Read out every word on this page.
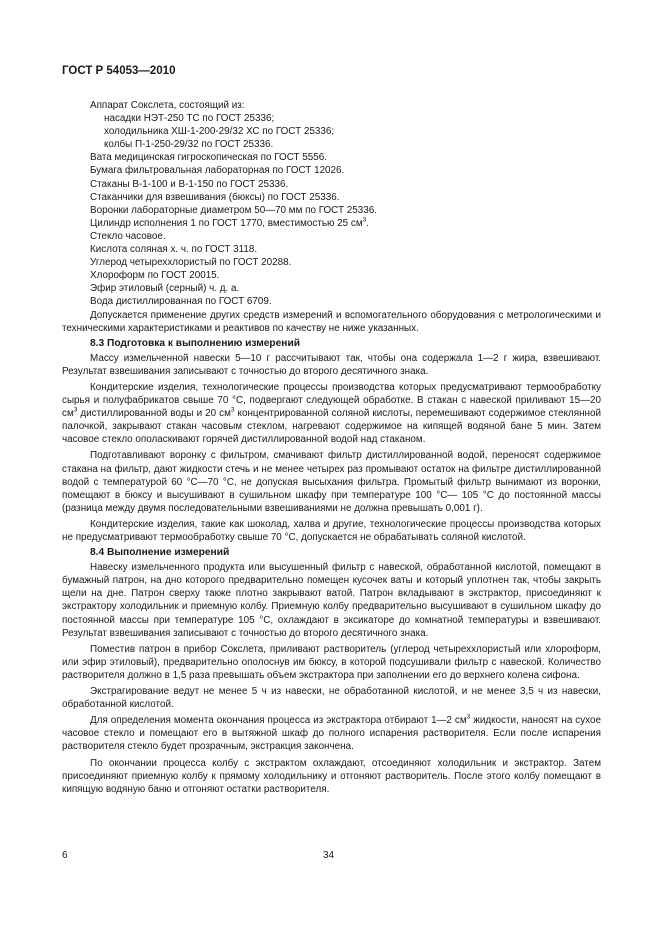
ГОСТ Р 54053—2010
Аппарат Сокслета, состоящий из:
насадки НЭТ-250 ТС по ГОСТ 25336;
холодильника ХШ-1-200-29/32 ХС по ГОСТ 25336;
колбы П-1-250-29/32 по ГОСТ 25336.
Вата медицинская гигроскопическая по ГОСТ 5556.
Бумага фильтровальная лабораторная по ГОСТ 12026.
Стаканы В-1-100 и В-1-150 по ГОСТ 25336.
Стаканчики для взвешивания (бюксы) по ГОСТ 25336.
Воронки лабораторные диаметром 50—70 мм по ГОСТ 25336.
Цилиндр исполнения 1 по ГОСТ 1770, вместимостью 25 $см^3$.
Стекло часовое.
Кислота соляная х. ч. по ГОСТ 3118.
Углерод четыреххлористый по ГОСТ 20288.
Хлороформ по ГОСТ 20015.
Эфир этиловый (серный) ч. д. а.
Вода дистиллированная по ГОСТ 6709.

Допускается применение других средств измерений и вспомогательного оборудования с метрологическими и техническими характеристиками и реактивов по качеству не ниже указанных.

8.3 Подготовка к выполнению измерений

Массу измельченной навески 5—10 г рассчитывают так, чтобы она содержала 1—2 г жира, взвешивают. Результат взвешивания записывают с точностью до второго десятичного знака.

Кондитерские изделия, технологические процессы производства которых предусматривают термообработку сырья и полуфабрикатов свыше 70 °С, подвергают следующей обработке. В стакан с навеской приливают 15—20 $см^3$ дистиллированной воды и 20 $см^3$ концентрированной соляной кислоты, перемешивают содержимое стеклянной палочкой, закрывают стакан часовым стеклом, нагревают содержимое на кипящей водяной бане 5 мин. Затем часовое стекло ополаскивают горячей дистиллированной водой над стаканом.

Подготавливают воронку с фильтром, смачивают фильтр дистиллированной водой, переносят содержимое стакана на фильтр, дают жидкости стечь и не менее четырех раз промывают остаток на фильтре дистиллированной водой с температурой 60 °С—70 °С, не допуская высыхания фильтра. Промытый фильтр вынимают из воронки, помещают в бюксу и высушивают в сушильном шкафу при температуре 100 °С— 105 °С до постоянной массы (разница между двумя последовательными взвешиваниями не должна превышать 0,001 г).

Кондитерские изделия, такие как шоколад, халва и другие, технологические процессы производства которых не предусматривают термообработку свыше 70 °С, допускается не обрабатывать соляной кислотой.

8.4 Выполнение измерений

Навеску измельченного продукта или высушенный фильтр с навеской, обработанной кислотой, помещают в бумажный патрон, на дно которого предварительно помещен кусочек ваты и который уплотнен так, чтобы закрыть щели на дне. Патрон сверху также плотно закрывают ватой. Патрон вкладывают в экстрактор, присоединяют к экстрактору холодильник и приемную колбу. Приемную колбу предварительно высушивают в сушильном шкафу до постоянной массы при температуре 105 °С, охлаждают в эксикаторе до комнатной температуры и взвешивают. Результат взвешивания записывают с точностью до второго десятичного знака.

Поместив патрон в прибор Сокслета, приливают растворитель (углерод четыреххлористый или хлороформ, или эфир этиловый), предварительно ополоснув им бюксу, в которой подсушивали фильтр с навеской. Количество растворителя должно в 1,5 раза превышать объем экстрактора при заполнении его до верхнего колена сифона.

Экстрагирование ведут не менее 5 ч из навески, не обработанной кислотой, и не менее 3,5 ч из навески, обработанной кислотой.

Для определения момента окончания процесса из экстрактора отбирают 1—2 $см^3$ жидкости, наносят на сухое часовое стекло и помещают его в вытяжной шкаф до полного испарения растворителя. Если после испарения растворителя стекло будет прозрачным, экстракция закончена.

По окончании процесса колбу с экстрактом охлаждают, отсоединяют холодильник и экстрактор. Затем присоединяют приемную колбу к прямому холодильнику и отгоняют растворитель. После этого колбу помещают в кипящую водяную баню и отгоняют остатки растворителя.

6	34
